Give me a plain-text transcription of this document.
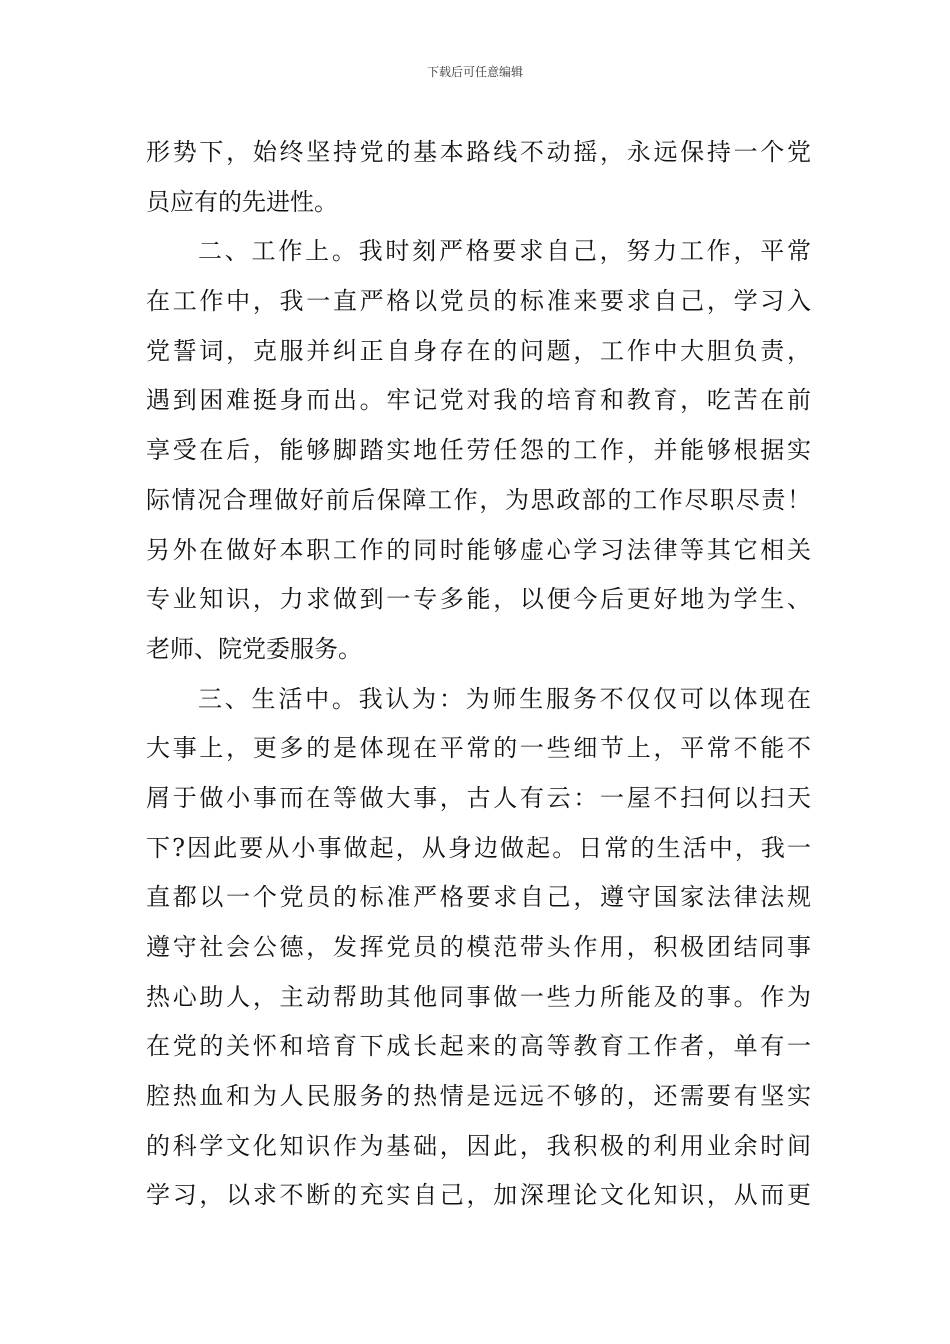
下载后可任意编辑
形势下，始终坚持党的基本路线不动摇，永远保持一个党
员应有的先进性。
二、工作上。我时刻严格要求自己，努力工作，平常
在工作中，我一直严格以党员的标准来要求自己，学习入
党誓词，克服并纠正自身存在的问题，工作中大胆负责，
遇到困难挺身而出。牢记党对我的培育和教育，吃苦在前
享受在后，能够脚踏实地任劳任怨的工作，并能够根据实
际情况合理做好前后保障工作，为思政部的工作尽职尽责！
另外在做好本职工作的同时能够虚心学习法律等其它相关
专业知识，力求做到一专多能，以便今后更好地为学生、
老师、院党委服务。
三、生活中。我认为：为师生服务不仅仅可以体现在
大事上，更多的是体现在平常的一些细节上，平常不能不
屑于做小事而在等做大事，古人有云：一屋不扫何以扫天
下?因此要从小事做起，从身边做起。日常的生活中，我一
直都以一个党员的标准严格要求自己，遵守国家法律法规
遵守社会公德，发挥党员的模范带头作用，积极团结同事
热心助人，主动帮助其他同事做一些力所能及的事。作为
在党的关怀和培育下成长起来的高等教育工作者，单有一
腔热血和为人民服务的热情是远远不够的，还需要有坚实
的科学文化知识作为基础，因此，我积极的利用业余时间
学习，以求不断的充实自己，加深理论文化知识，从而更
